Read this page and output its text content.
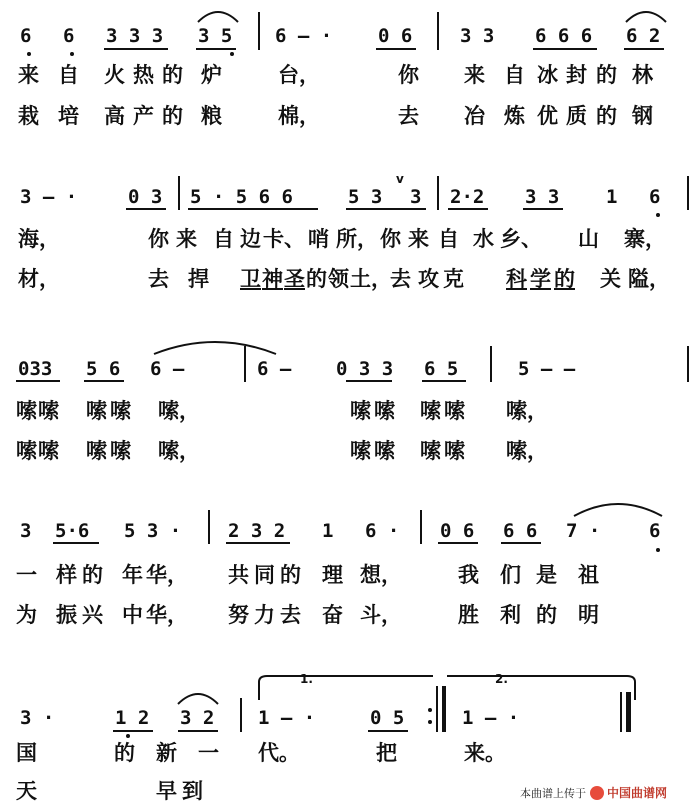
6 6 3 3 3 3 5 6 – · 0 6	3 3 6 6 6 6 2
来 自 火 热 的 炉	台，	你 来 自 冰 封 的 林
栽 培 高 产 的 粮	棉，	去 冶 炼 优 质 的 钢
3 – ·	0 3 5 · 5 6 6	5 3 3 2·2 3 3 1 6
v
海，	你 来 自 边 卡、 哨 所， 你 来 自 水 乡、 山 寨，
材，	去 捍 卫 神 圣 的 领 土，
去 攻 克 科 学 的 关 隘，
033 5 6 6 –	6 – 0 3 3 6 5	5 – –
嗦 嗦 嗦 嗦 嗦，	嗦 嗦 嗦 嗦 嗦，
嗦 嗦 嗦 嗦 嗦，	嗦 嗦 嗦 嗦 嗦，
3 5·6 5 3 · 2 3 2 1 6 · 0 6 6 6 7 ·	6
一 样 的 年 华， 共 同 的 理 想，	我 们 是 祖
为 振 兴 中 华， 努 力 去 奋 斗，	胜 利 的 明
1.	2.
3 ·	1 2 3 2 1 – ·	0 5	1 – ·
国	的 新 一 代。	把	来。
天	早 到	本曲谱上传于 中国曲谱网
